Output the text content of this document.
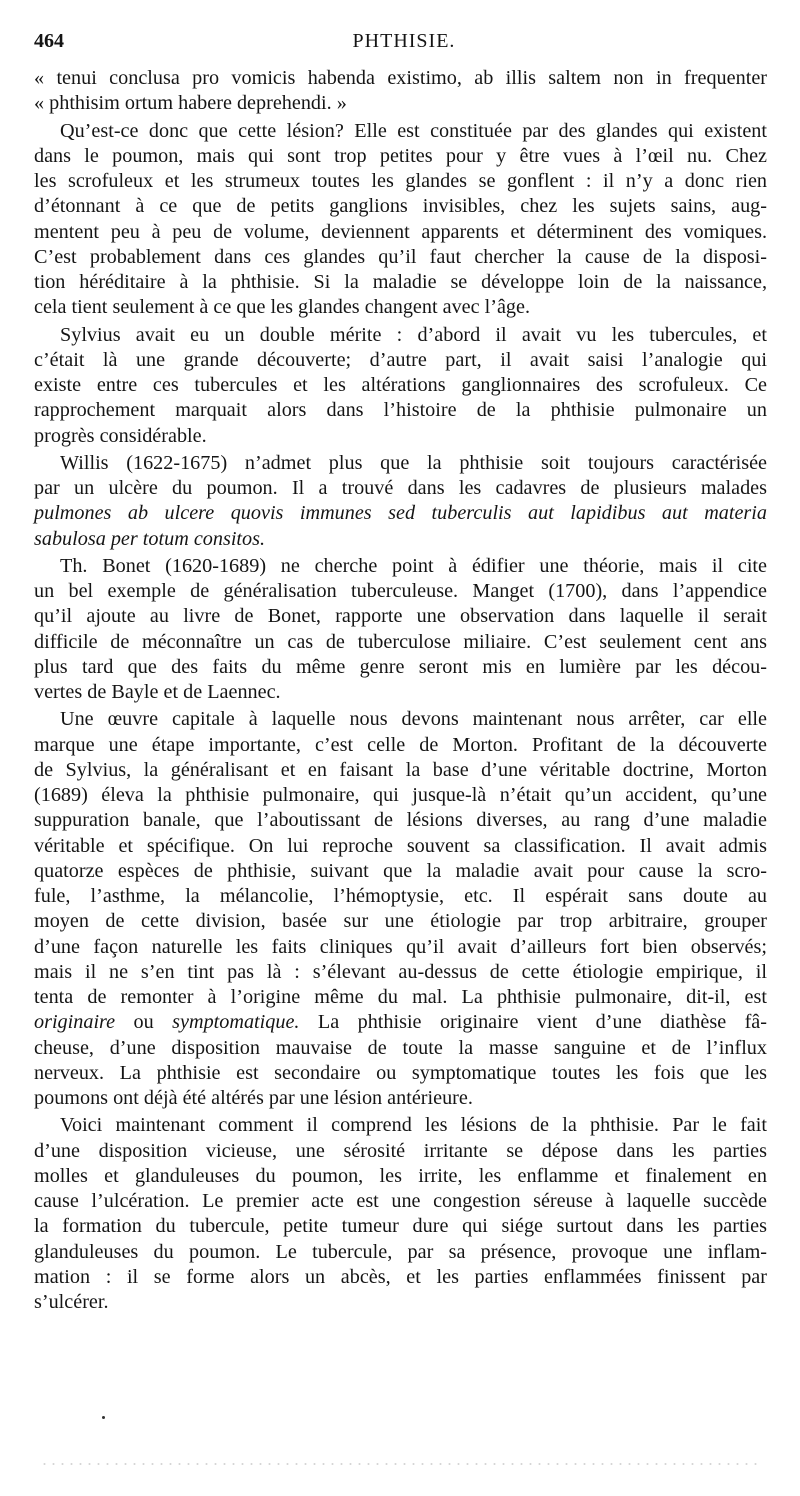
464	PHTHISIE.
« tenui conclusa pro vomicis habenda existimo, ab illis saltem non in frequenter
« phthisim ortum habere deprehendi. »
Qu’est-ce donc que cette lésion? Elle est constituée par des glandes qui existent
dans le poumon, mais qui sont trop petites pour y être vues à l’œil nu. Chez
les scrofuleux et les strumeux toutes les glandes se gonflent : il n’y a donc rien
d’étonnant à ce que de petits ganglions invisibles, chez les sujets sains, aug-
mentent peu à peu de volume, deviennent apparents et déterminent des vomiques.
C’est probablement dans ces glandes qu’il faut chercher la cause de la disposi-
tion héréditaire à la phthisie. Si la maladie se développe loin de la naissance,
cela tient seulement à ce que les glandes changent avec l’âge.
Sylvius avait eu un double mérite : d’abord il avait vu les tubercules, et
c’était là une grande découverte; d’autre part, il avait saisi l’analogie qui
existe entre ces tubercules et les altérations ganglionnaires des scrofuleux. Ce
rapprochement marquait alors dans l’histoire de la phthisie pulmonaire un
progrès considérable.
Willis (1622-1675) n’admet plus que la phthisie soit toujours caractérisée
par un ulcère du poumon. Il a trouvé dans les cadavres de plusieurs malades
pulmones ab ulcere quovis immunes sed tuberculis aut lapidibus aut materia
sabulosa per totum consitos.
Th. Bonet (1620-1689) ne cherche point à édifier une théorie, mais il cite
un bel exemple de généralisation tuberculeuse. Manget (1700), dans l’appendice
qu’il ajoute au livre de Bonet, rapporte une observation dans laquelle il serait
difficile de méconnaître un cas de tuberculose miliaire. C’est seulement cent ans
plus tard que des faits du même genre seront mis en lumière par les décou-
vertes de Bayle et de Laennec.
Une œuvre capitale à laquelle nous devons maintenant nous arrêter, car elle
marque une étape importante, c’est celle de Morton. Profitant de la découverte
de Sylvius, la généralisant et en faisant la base d’une véritable doctrine, Morton
(1689) éleva la phthisie pulmonaire, qui jusque-là n’était qu’un accident, qu’une
suppuration banale, que l’aboutissant de lésions diverses, au rang d’une maladie
véritable et spécifique. On lui reproche souvent sa classification. Il avait admis
quatorze espèces de phthisie, suivant que la maladie avait pour cause la scro-
fule, l’asthme, la mélancolie, l’hémoptysie, etc. Il espérait sans doute au
moyen de cette division, basée sur une étiologie par trop arbitraire, grouper
d’une façon naturelle les faits cliniques qu’il avait d’ailleurs fort bien observés;
mais il ne s’en tint pas là : s’élevant au-dessus de cette étiologie empirique, il
tenta de remonter à l’origine même du mal. La phthisie pulmonaire, dit-il, est
originaire ou symptomatique. La phthisie originaire vient d’une diathèse fâ-
cheuse, d’une disposition mauvaise de toute la masse sanguine et de l’influx
nerveux. La phthisie est secondaire ou symptomatique toutes les fois que les
poumons ont déjà été altérés par une lésion antérieure.
Voici maintenant comment il comprend les lésions de la phthisie. Par le fait
d’une disposition vicieuse, une sérosité irritante se dépose dans les parties
molles et glanduleuses du poumon, les irrite, les enflamme et finalement en
cause l’ulcération. Le premier acte est une congestion séreuse à laquelle succède
la formation du tubercule, petite tumeur dure qui siége surtout dans les parties
glanduleuses du poumon. Le tubercule, par sa présence, provoque une inflam-
mation : il se forme alors un abcès, et les parties enflammées finissent par
s’ulcérer.
